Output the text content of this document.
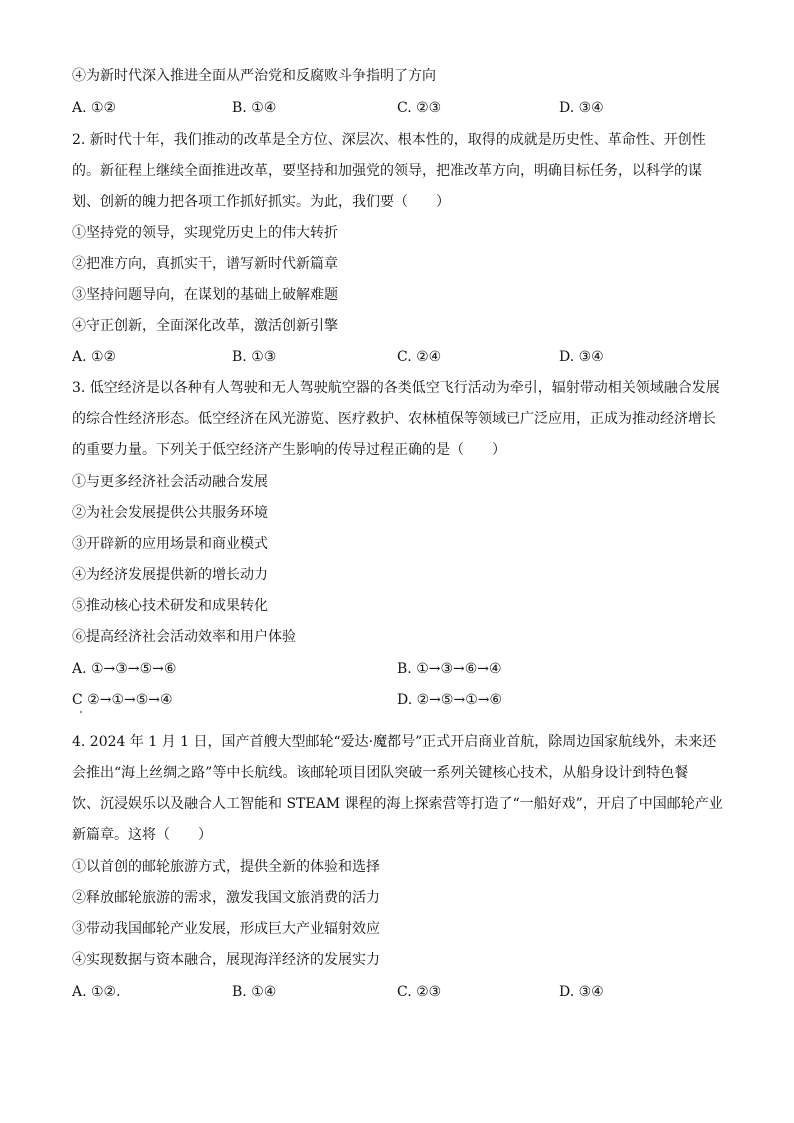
④为新时代深入推进全面从严治党和反腐败斗争指明了方向
A. ①②	B. ①④	C. ②③	D. ③④
2. 新时代十年，我们推动的改革是全方位、深层次、根本性的，取得的成就是历史性、革命性、开创性
的。新征程上继续全面推进改革，要坚持和加强党的领导，把准改革方向，明确目标任务，以科学的谋
划、创新的魄力把各项工作抓好抓实。为此，我们要（　　）
①坚持党的领导，实现党历史上的伟大转折
②把准方向，真抓实干，谱写新时代新篇章
③坚持问题导向，在谋划的基础上破解难题
④守正创新，全面深化改革，激活创新引擎
A. ①②	B. ①③	C. ②④	D. ③④
3. 低空经济是以各种有人驾驶和无人驾驶航空器的各类低空飞行活动为牵引，辐射带动相关领域融合发展
的综合性经济形态。低空经济在风光游览、医疗救护、农林植保等领域已广泛应用，正成为推动经济增长
的重要力量。下列关于低空经济产生影响的传导过程正确的是（　　）
①与更多经济社会活动融合发展
②为社会发展提供公共服务环境
③开辟新的应用场景和商业模式
④为经济发展提供新的增长动力
⑤推动核心技术研发和成果转化
⑥提高经济社会活动效率和用户体验
A. ①→③→⑤→⑥	B. ①→③→⑥→④
C ②→①→⑤→④	D. ②→⑤→①→⑥
4. 2024 年 1 月 1 日，国产首艘大型邮轮“爱达·魔都号”正式开启商业首航，除周边国家航线外，未来还
会推出“海上丝绸之路”等中长航线。该邮轮项目团队突破一系列关键核心技术，从船身设计到特色餐
饮、沉浸娱乐以及融合人工智能和 STEAM 课程的海上探索营等打造了“一船好戏”，开启了中国邮轮产业
新篇章。这将（　　）
①以首创的邮轮旅游方式，提供全新的体验和选择
②释放邮轮旅游的需求，激发我国文旅消费的活力
③带动我国邮轮产业发展，形成巨大产业辐射效应
④实现数据与资本融合，展现海洋经济的发展实力
A. ①②.	B. ①④	C. ②③	D. ③④
